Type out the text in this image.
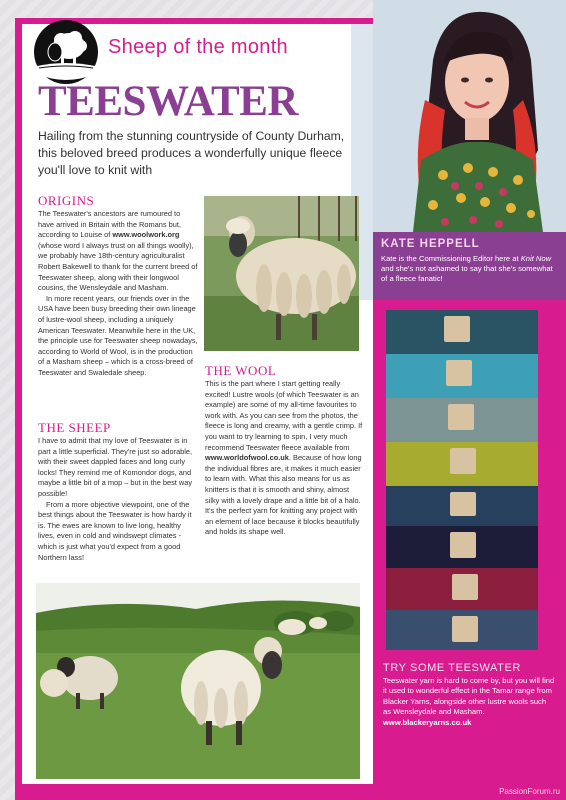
KATE HEPPELL
Kate is the Commissioning Editor here at Knit Now and she's not ashamed to say that she's somewhat of a fleece fanatic!
Sheep of the month
TEESWATER
Hailing from the stunning countryside of County Durham, this beloved breed produces a wonderfully unique fleece you'll love to knit with
ORIGINS

The Teeswater's ancestors are rumoured to have arrived in Britain with the Romans but, according to Louise of www.woolwork.org (whose word I always trust on all things woolly), we probably have 18th-century agriculturalist Robert Bakewell to thank for the current breed of Teeswater sheep, along with their longwool cousins, the Wensleydale and Masham.

In more recent years, our friends over in the USA have been busy breeding their own lineage of lustre-wool sheep, including a uniquely American Teeswater. Meanwhile here in the UK, the principle use for Teeswater sheep nowadays, according to World of Wool, is in the production of a Masham sheep – which is a cross-breed of Teeswater and Swaledale sheep.

THE SHEEP

I have to admit that my love of Teeswater is in part a little superficial. They're just so adorable, with their sweet dappled faces and long curly locks! They remind me of Komondor dogs, and maybe a little bit of a mop – but in the best way possible!

From a more objective viewpoint, one of the best things about the Teeswater is how hardy it is. The ewes are known to live long, healthy lives, even in cold and windswept climates - which is just what you'd expect from a good Northern lass!

THE WOOL

This is the part where I start getting really excited! Lustre wools (of which Teeswater is an example) are some of my all-time favourites to work with. As you can see from the photos, the fleece is long and creamy, with a gentle crimp. If you want to try learning to spin, I very much recommend Teeswater fleece available from www.worldofwool.co.uk. Because of how long the individual fibres are, it makes it much easier to learn with. What this also means for us as knitters is that it is smooth and shiny, almost silky with a lovely drape and a little bit of a halo. It's the perfect yarn for knitting any project with an element of lace because it blocks beautifully and holds its shape well.

TRY SOME TEESWATER
Teeswater yarn is hard to come by, but you will find it used to wonderful effect in the Tamar range from Blacker Yarns, alongside other lustre wools such as Wensleydale and Masham.
www.blackeryarns.co.uk
PassionForum.ru
